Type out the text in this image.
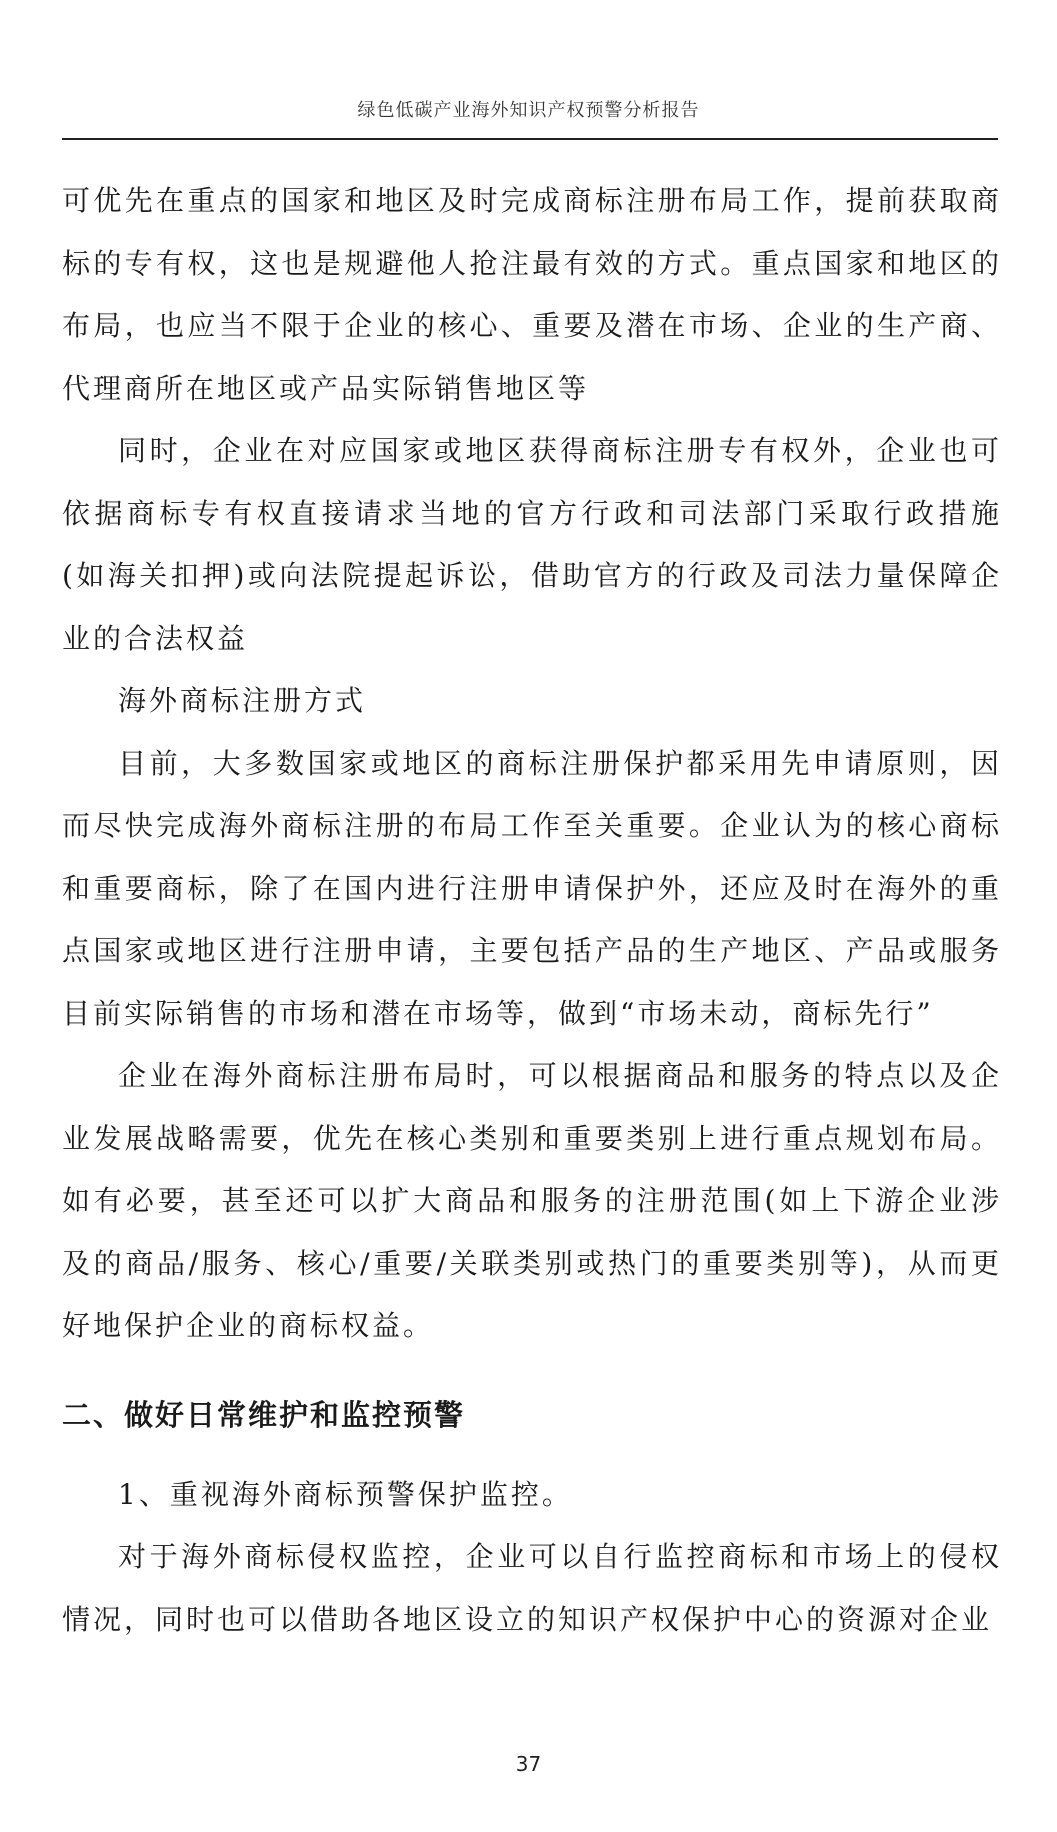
绿色低碳产业海外知识产权预警分析报告

可优先在重点的国家和地区及时完成商标注册布局工作，提前获取商标的专有权，这也是规避他人抢注最有效的方式。重点国家和地区的布局，也应当不限于企业的核心、重要及潜在市场、企业的生产商、代理商所在地区或产品实际销售地区等

同时，企业在对应国家或地区获得商标注册专有权外，企业也可依据商标专有权直接请求当地的官方行政和司法部门采取行政措施(如海关扣押)或向法院提起诉讼，借助官方的行政及司法力量保障企业的合法权益

海外商标注册方式

目前，大多数国家或地区的商标注册保护都采用先申请原则，因而尽快完成海外商标注册的布局工作至关重要。企业认为的核心商标和重要商标，除了在国内进行注册申请保护外，还应及时在海外的重点国家或地区进行注册申请，主要包括产品的生产地区、产品或服务目前实际销售的市场和潜在市场等，做到“市场未动，商标先行”

企业在海外商标注册布局时，可以根据商品和服务的特点以及企业发展战略需要，优先在核心类别和重要类别上进行重点规划布局。如有必要，甚至还可以扩大商品和服务的注册范围(如上下游企业涉及的商品/服务、核心/重要/关联类别或热门的重要类别等)，从而更好地保护企业的商标权益。

二、做好日常维护和监控预警

1、重视海外商标预警保护监控。

对于海外商标侵权监控，企业可以自行监控商标和市场上的侵权情况，同时也可以借助各地区设立的知识产权保护中心的资源对企业

37
